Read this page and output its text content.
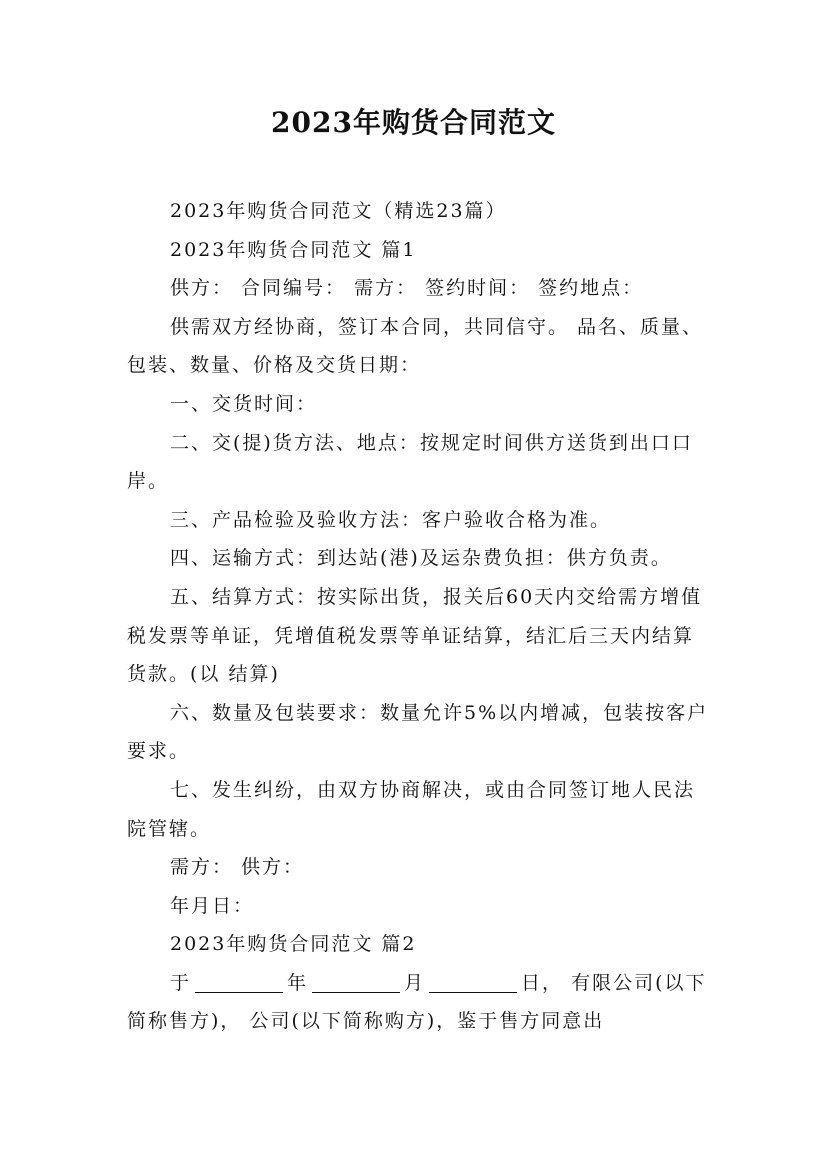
2023年购货合同范文

2023年购货合同范文（精选23篇）

2023年购货合同范文 篇1

供方： 合同编号： 需方： 签约时间： 签约地点：

供需双方经协商，签订本合同，共同信守。 品名、质量、包装、数量、价格及交货日期：

一、交货时间：

二、交(提)货方法、地点：按规定时间供方送货到出口口岸。

三、产品检验及验收方法：客户验收合格为准。

四、运输方式：到达站(港)及运杂费负担：供方负责。

五、结算方式：按实际出货，报关后60天内交给需方增值税发票等单证，凭增值税发票等单证结算，结汇后三天内结算货款。(以 结算)

六、数量及包装要求：数量允许5%以内增减，包装按客户要求。

七、发生纠纷，由双方协商解决，或由合同签订地人民法院管辖。

需方： 供方：

年月日：

2023年购货合同范文 篇2

于	年	月	日， 有限公司(以下简称售方)， 公司(以下简称购方)，鉴于售方同意出
